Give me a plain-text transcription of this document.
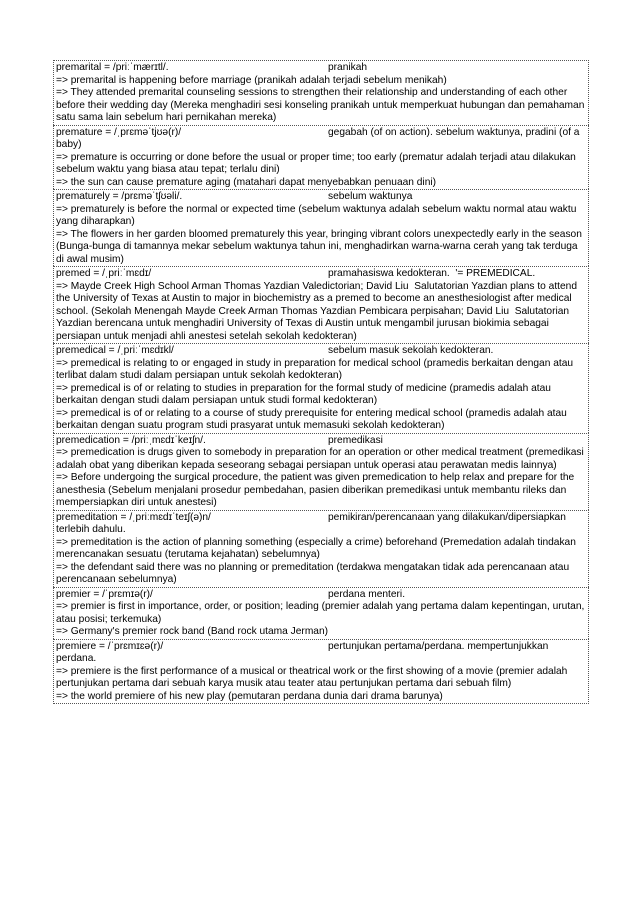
premarital = /priːˈmærɪtl/.	pranikah
=> premarital is happening before marriage (pranikah adalah terjadi sebelum menikah)
=> They attended premarital counseling sessions to strengthen their relationship and understanding of each other before their wedding day (Mereka menghadiri sesi konseling pranikah untuk memperkuat hubungan dan pemahaman satu sama lain sebelum hari pernikahan mereka)
premature = /ˌprɛməˈtjʊə(r)/	gegabah (of on action). sebelum waktunya, pradini (of a baby)
=> premature is occurring or done before the usual or proper time; too early (prematur adalah terjadi atau dilakukan sebelum waktu yang biasa atau tepat; terlalu dini)
=> the sun can cause premature aging (matahari dapat menyebabkan penuaan dini)
prematurely = /prɛməˈtʃʊəli/.	sebelum waktunya
=> prematurely is before the normal or expected time (sebelum waktunya adalah sebelum waktu normal atau waktu yang diharapkan)
=> The flowers in her garden bloomed prematurely this year, bringing vibrant colors unexpectedly early in the season (Bunga-bunga di tamannya mekar sebelum waktunya tahun ini, menghadirkan warna-warna cerah yang tak terduga di awal musim)
premed = /ˌpriːˈmɛdɪ/	pramahasiswa kedokteran.  '= PREMEDICAL.
=> Mayde Creek High School Arman Thomas Yazdian Valedictorian; David Liu  Salutatorian Yazdian plans to attend the University of Texas at Austin to major in biochemistry as a premed to become an anesthesiologist after medical school. (Sekolah Menengah Mayde Creek Arman Thomas Yazdian Pembicara perpisahan; David Liu  Salutatorian Yazdian berencana untuk menghadiri University of Texas di Austin untuk mengambil jurusan biokimia sebagai persiapan untuk menjadi ahli anestesi setelah sekolah kedokteran)
premedical = /ˌpriːˈmɛdɪkl/	sebelum masuk sekolah kedokteran.
=> premedical is relating to or engaged in study in preparation for medical school (pramedis berkaitan dengan atau terlibat dalam studi dalam persiapan untuk sekolah kedokteran)
=> premedical is of or relating to studies in preparation for the formal study of medicine (pramedis adalah atau berkaitan dengan studi dalam persiapan untuk studi formal kedokteran)
=> premedical is of or relating to a course of study prerequisite for entering medical school (pramedis adalah atau berkaitan dengan suatu program studi prasyarat untuk memasuki sekolah kedokteran)
premedication = /priːˌmɛdɪˈkeɪʃn/.	premedikasi
=> premedication is drugs given to somebody in preparation for an operation or other medical treatment (premedikasi adalah obat yang diberikan kepada seseorang sebagai persiapan untuk operasi atau perawatan medis lainnya)
=> Before undergoing the surgical procedure, the patient was given premedication to help relax and prepare for the anesthesia (Sebelum menjalani prosedur pembedahan, pasien diberikan premedikasi untuk membantu rileks dan mempersiapkan diri untuk anestesi)
premeditation = /ˌpriːmɛdɪˈteɪʃ(ə)n/	pemikiran/perencanaan yang dilakukan/dipersiapkan terlebih dahulu.
=> premeditation is the action of planning something (especially a crime) beforehand (Premedation adalah tindakan merencanakan sesuatu (terutama kejahatan) sebelumnya)
=> the defendant said there was no planning or premeditation (terdakwa mengatakan tidak ada perencanaan atau perencanaan sebelumnya)
premier = /ˈprɛmɪə(r)/	perdana menteri.
=> premier is first in importance, order, or position; leading (premier adalah yang pertama dalam kepentingan, urutan, atau posisi; terkemuka)
=> Germany's premier rock band (Band rock utama Jerman)
premiere = /ˈprɛmɪɛə(r)/	pertunjukan pertama/perdana. mempertunjukkan perdana.
=> premiere is the first performance of a musical or theatrical work or the first showing of a movie (premier adalah pertunjukan pertama dari sebuah karya musik atau teater atau pertunjukan pertama dari sebuah film)
=> the world premiere of his new play (pemutaran perdana dunia dari drama barunya)
